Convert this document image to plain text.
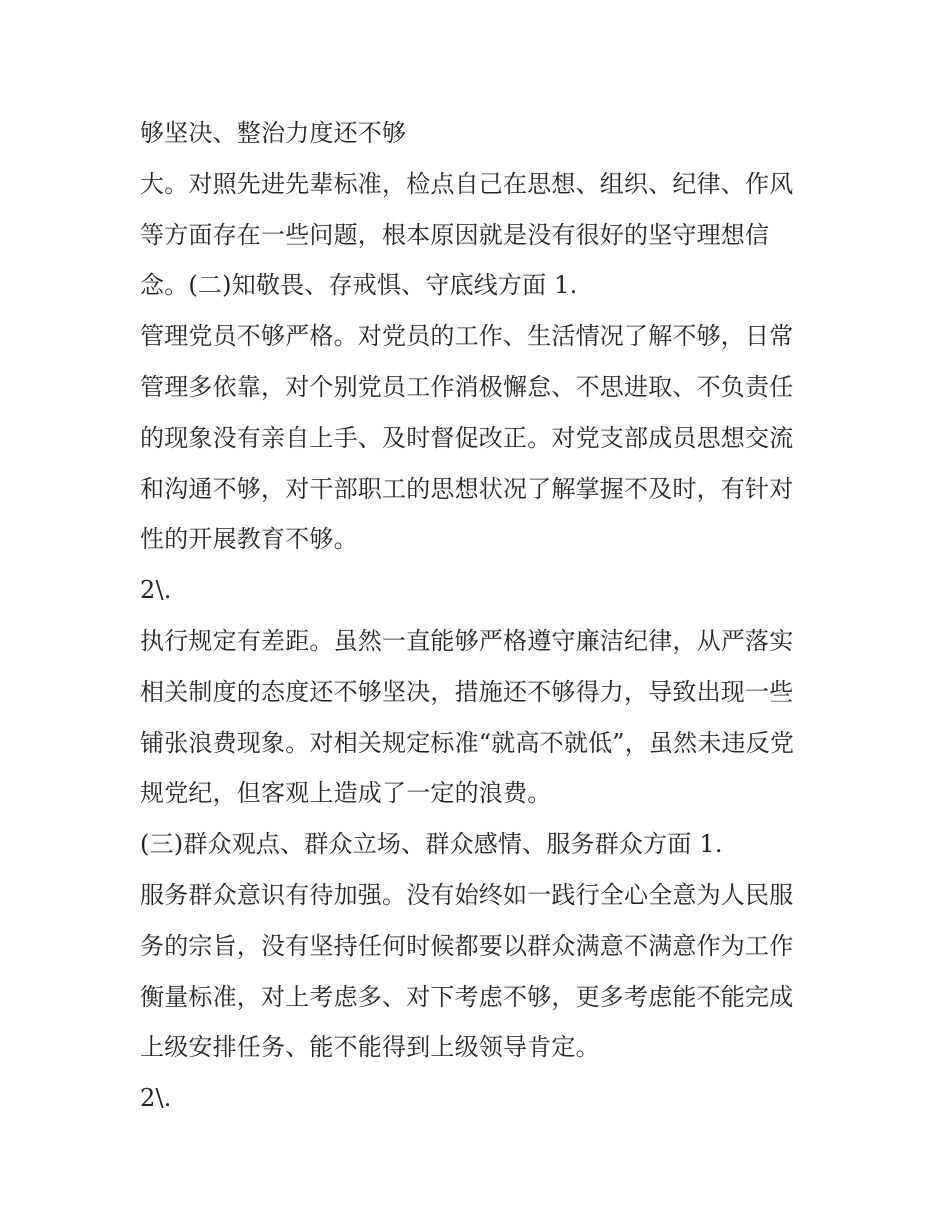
够坚决、整治力度还不够
大。对照先进先辈标准，检点自己在思想、组织、纪律、作风
等方面存在一些问题，根本原因就是没有很好的坚守理想信
念。(二)知敬畏、存戒惧、守底线方面 1.
管理党员不够严格。对党员的工作、生活情况了解不够，日常
管理多依靠，对个别党员工作消极懈怠、不思进取、不负责任
的现象没有亲自上手、及时督促改正。对党支部成员思想交流
和沟通不够，对干部职工的思想状况了解掌握不及时，有针对
性的开展教育不够。
2\.
执行规定有差距。虽然一直能够严格遵守廉洁纪律，从严落实
相关制度的态度还不够坚决，措施还不够得力，导致出现一些
铺张浪费现象。对相关规定标准“就高不就低”，虽然未违反党
规党纪，但客观上造成了一定的浪费。
(三)群众观点、群众立场、群众感情、服务群众方面 1.
服务群众意识有待加强。没有始终如一践行全心全意为人民服
务的宗旨，没有坚持任何时候都要以群众满意不满意作为工作
衡量标准，对上考虑多、对下考虑不够，更多考虑能不能完成
上级安排任务、能不能得到上级领导肯定。
2\.
